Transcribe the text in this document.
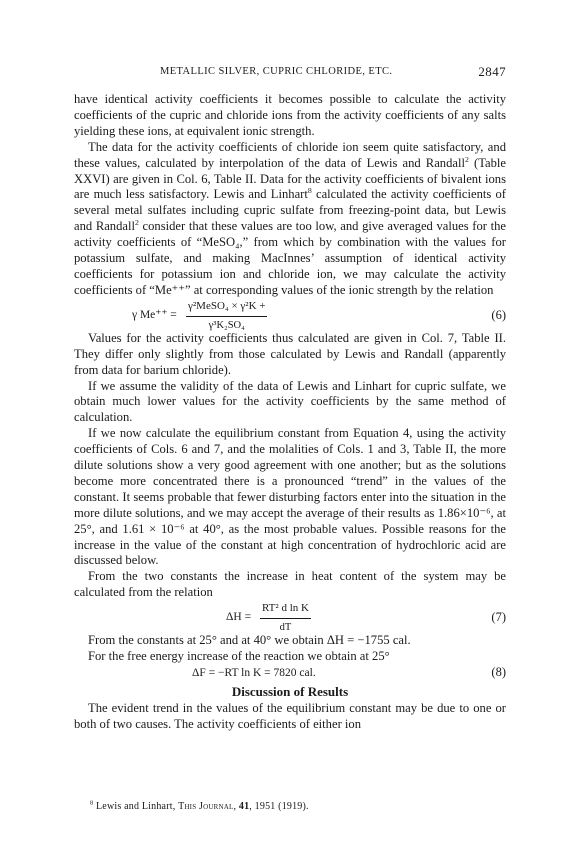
METALLIC SILVER, CUPRIC CHLORIDE, ETC.	2847

have identical activity coefficients it becomes possible to calculate the activity coefficients of the cupric and chloride ions from the activity coefficients of any salts yielding these ions, at equivalent ionic strength.

The data for the activity coefficients of chloride ion seem quite satisfactory, and these values, calculated by interpolation of the data of Lewis and Randall$^2$ (Table XXVI) are given in Col. 6, Table II. Data for the activity coefficients of bivalent ions are much less satisfactory. Lewis and Linhart$^8$ calculated the activity coefficients of several metal sulfates including cupric sulfate from freezing-point data, but Lewis and Randall$^2$ consider that these values are too low, and give averaged values for the activity coefficients of “MeSO₄,” from which by combination with the values for potassium sulfate, and making MacInnes’ assumption of identical activity coefficients for potassium ion and chloride ion, we may calculate the activity coefficients of “Me⁺⁺” at corresponding values of the ionic strength by the relation

γ Me⁺⁺ =
γ²MeSO₄ × γ²K +
γ³K₂SO₄
(6)

Values for the activity coefficients thus calculated are given in Col. 7, Table II. They differ only slightly from those calculated by Lewis and Randall (apparently from data for barium chloride).

If we assume the validity of the data of Lewis and Linhart for cupric sulfate, we obtain much lower values for the activity coefficients by the same method of calculation.

If we now calculate the equilibrium constant from Equation 4, using the activity coefficients of Cols. 6 and 7, and the molalities of Cols. 1 and 3, Table II, the more dilute solutions show a very good agreement with one another; but as the solutions become more concentrated there is a pronounced “trend” in the values of the constant. It seems probable that fewer disturbing factors enter into the situation in the more dilute solutions, and we may accept the average of their results as 1.86×10⁻⁶, at 25°, and 1.61 × 10⁻⁶ at 40°, as the most probable values. Possible reasons for the increase in the value of the constant at high concentration of hydrochloric acid are discussed below.

From the two constants the increase in heat content of the system may be calculated from the relation

$\Delta H = \frac{\text{RT² d ln K}}{dT}$	(7)

From the constants at 25° and at 40° we obtain ΔH = −1755 cal.

For the free energy increase of the reaction we obtain at 25°

ΔF = −RT ln K = 7820 cal.	(8)
Discussion of Results

The evident trend in the values of the equilibrium constant may be due to one or both of two causes. The activity coefficients of either ion

$^8$ Lewis and Linhart, This Journal, 41, 1951 (1919).
